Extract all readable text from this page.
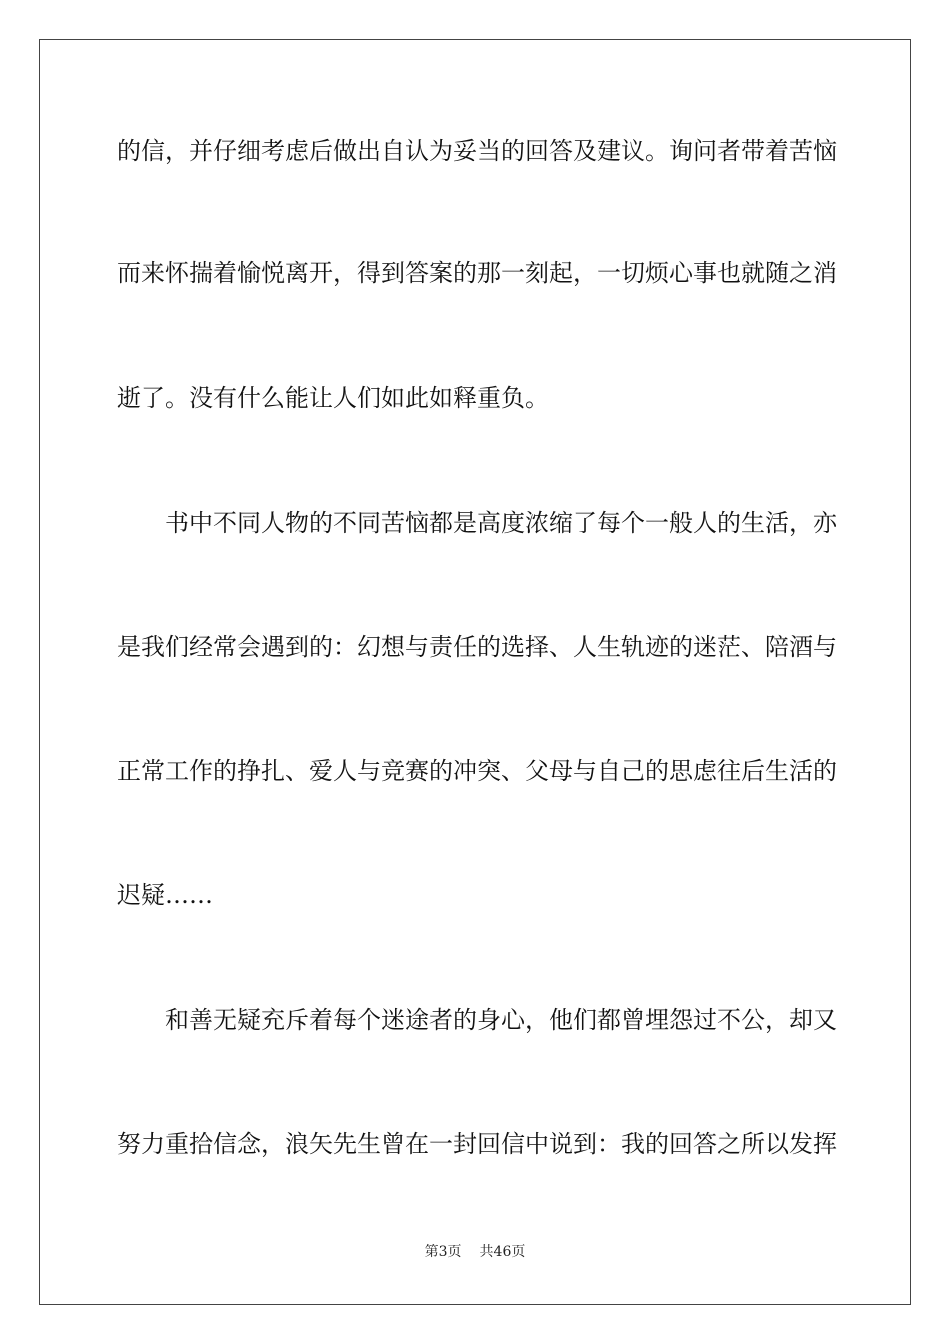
的信，并仔细考虑后做出自认为妥当的回答及建议。询问者带着苦恼
而来怀揣着愉悦离开，得到答案的那一刻起，一切烦心事也就随之消
逝了。没有什么能让人们如此如释重负。
书中不同人物的不同苦恼都是高度浓缩了每个一般人的生活，亦
是我们经常会遇到的：幻想与责任的选择、人生轨迹的迷茫、陪酒与
正常工作的挣扎、爱人与竞赛的冲突、父母与自己的思虑往后生活的
迟疑……
和善无疑充斥着每个迷途者的身心，他们都曾埋怨过不公，却又
努力重拾信念，浪矢先生曾在一封回信中说到：我的回答之所以发挥
第3页 共46页
